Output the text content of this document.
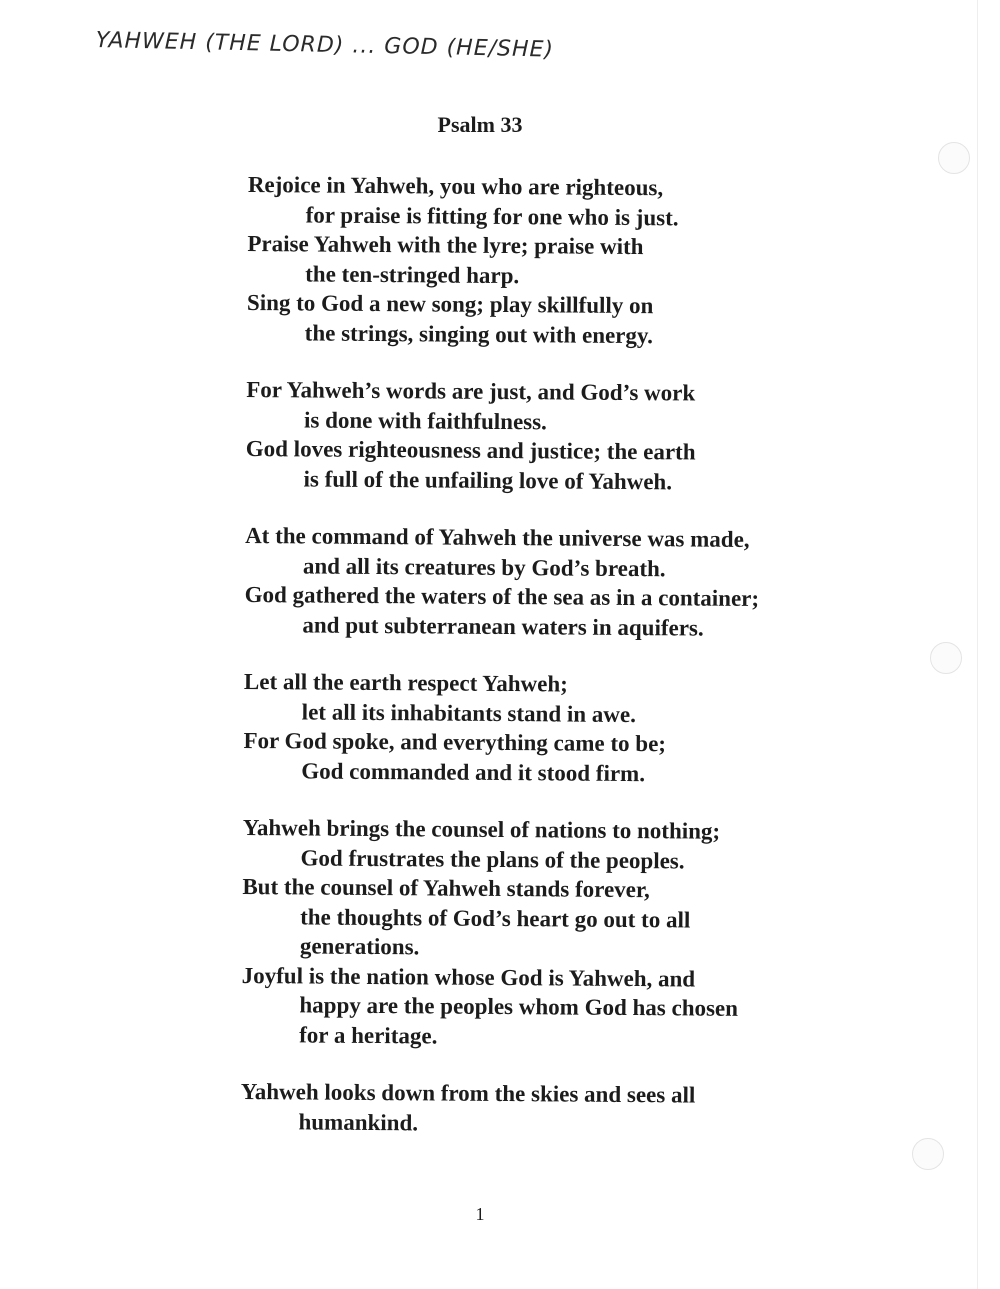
YAHWEH (THE LORD) ... GOD (HE/SHE)
Psalm 33
Rejoice in Yahweh, you who are righteous,
for praise is fitting for one who is just.
Praise Yahweh with the lyre; praise with
the ten-stringed harp.
Sing to God a new song; play skillfully on
the strings, singing out with energy.
For Yahweh’s words are just, and God’s work
is done with faithfulness.
God loves righteousness and justice; the earth
is full of the unfailing love of Yahweh.
At the command of Yahweh the universe was made,
and all its creatures by God’s breath.
God gathered the waters of the sea as in a container;
and put subterranean waters in aquifers.
Let all the earth respect Yahweh;
let all its inhabitants stand in awe.
For God spoke, and everything came to be;
God commanded and it stood firm.
Yahweh brings the counsel of nations to nothing;
God frustrates the plans of the peoples.
But the counsel of Yahweh stands forever,
the thoughts of God’s heart go out to all
generations.
Joyful is the nation whose God is Yahweh, and
happy are the peoples whom God has chosen
for a heritage.
Yahweh looks down from the skies and sees all
humankind.
1
